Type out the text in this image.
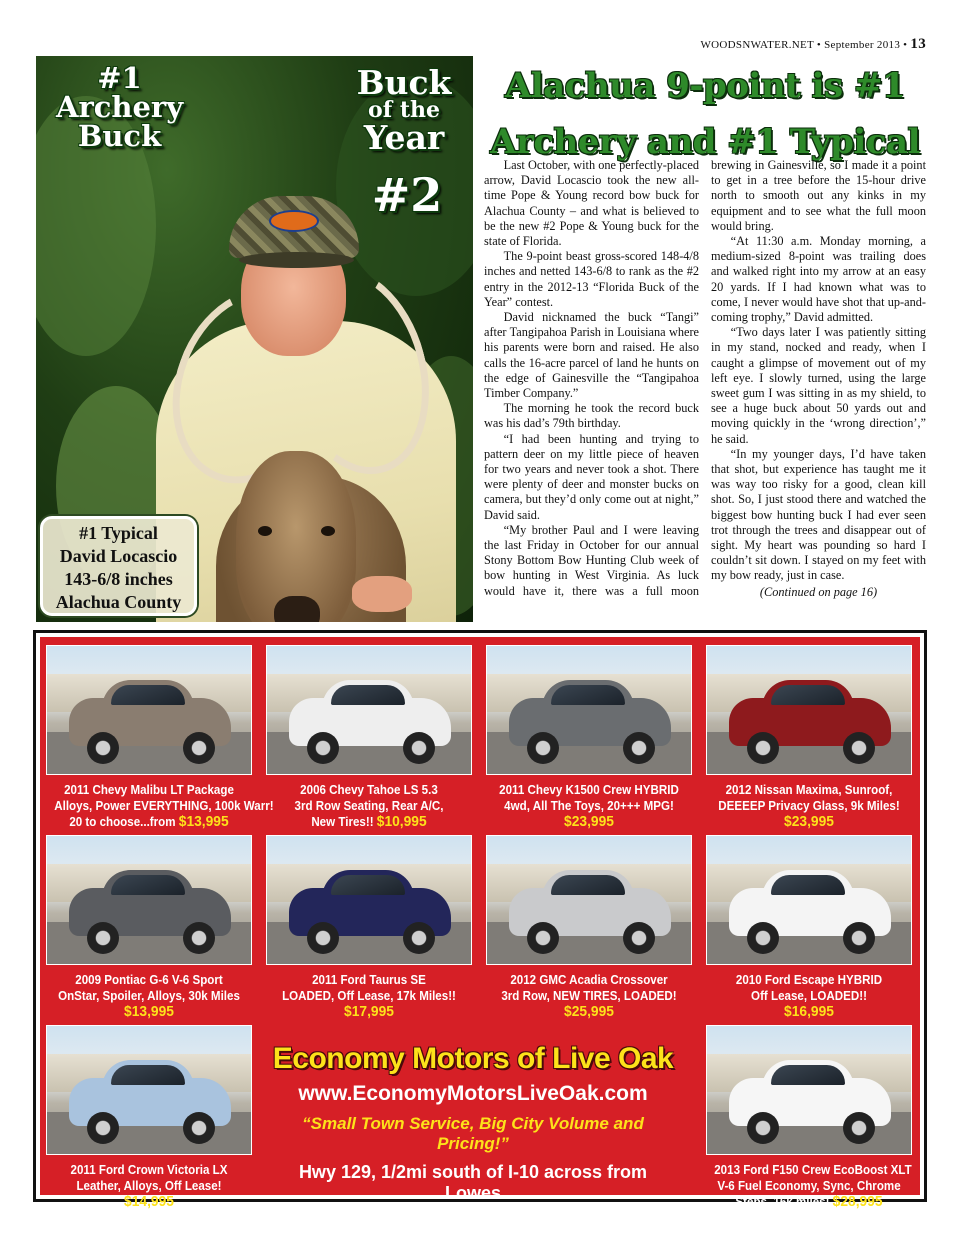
WOODSNWATER.NET • September 2013 • 13
#1
Archery
Buck
Buck
of the
Year
#2
#1 Typical
David Locascio
143-6/8 inches
Alachua County
Alachua 9-point is #1
Archery and #1 Typical

Last October, with one perfectly-placed arrow, David Locascio took the new all-time Pope & Young record bow buck for Alachua County – and what is believed to be the new #2 Pope & Young buck for the state of Florida.

The 9-point beast gross-scored 148-4/8 inches and netted 143-6/8 to rank as the #2 entry in the 2012-13 “Florida Buck of the Year” contest.

David nicknamed the buck “Tangi” after Tangipahoa Parish in Louisiana where his parents were born and raised. He also calls the 16-acre parcel of land he hunts on the edge of Gainesville the “Tangipahoa Timber Company.”

The morning he took the record buck was his dad’s 79th birthday.

“I had been hunting and trying to pattern deer on my little piece of heaven for two years and never took a shot. There were plenty of deer and monster bucks on camera, but they’d only come out at night,” David said.

“My brother Paul and I were leaving the last Friday in October for our annual Stony Bottom Bow Hunting Club week of bow hunting in West Virginia. As luck would have it, there was a full moon brewing in Gainesville, so I made it a point to get in a tree before the 15-hour drive north to smooth out any kinks in my equipment and to see what the full moon would bring.

“At 11:30 a.m. Monday morning, a medium-sized 8-point was trailing does and walked right into my arrow at an easy 20 yards. If I had known what was to come, I never would have shot that up-and-coming trophy,” David admitted.

“Two days later I was patiently sitting in my stand, nocked and ready, when I caught a glimpse of movement out of my left eye. I slowly turned, using the large sweet gum I was sitting in as my shield, to see a huge buck about 50 yards out and moving quickly in the ‘wrong direction’,” he said.

“In my younger days, I’d have taken that shot, but experience has taught me it was way too risky for a good, clean kill shot. So, I just stood there and watched the biggest bow hunting buck I had ever seen trot through the trees and disappear out of sight. My heart was pounding so hard I couldn’t sit down. I stayed on my feet with my bow ready, just in case.

(Continued on page 16)

2011 Chevy Malibu LT Package
Alloys, Power EVERYTHING, 100k Warr!
20 to choose...from $13,995
2006 Chevy Tahoe LS 5.3
3rd Row Seating, Rear A/C,
New Tires!! $10,995
2011 Chevy K1500 Crew HYBRID
4wd, All The Toys, 20+++ MPG!
$23,995
2012 Nissan Maxima, Sunroof,
DEEEEP Privacy Glass, 9k Miles!
$23,995
2009 Pontiac G-6 V-6 Sport
OnStar, Spoiler, Alloys, 30k Miles
$13,995
2011 Ford Taurus SE
LOADED, Off Lease, 17k Miles!!
$17,995
2012 GMC Acadia Crossover
3rd Row, NEW TIRES, LOADED!
$25,995
2010 Ford Escape HYBRID
Off Lease, LOADED!!
$16,995
2011 Ford Crown Victoria LX
Leather, Alloys, Off Lease!
$14,995
2013 Ford F150 Crew EcoBoost XLT
V-6 Fuel Economy, Sync, Chrome
Steps, 16k miles! $28,995
Economy Motors of Live Oak
www.EconomyMotorsLiveOak.com
“Small Town Service, Big City Volume and Pricing!”
Hwy 129, 1/2mi south of I-10 across from Lowes
Live Oak, FL • 877-359-0428 • 386-364-5416
